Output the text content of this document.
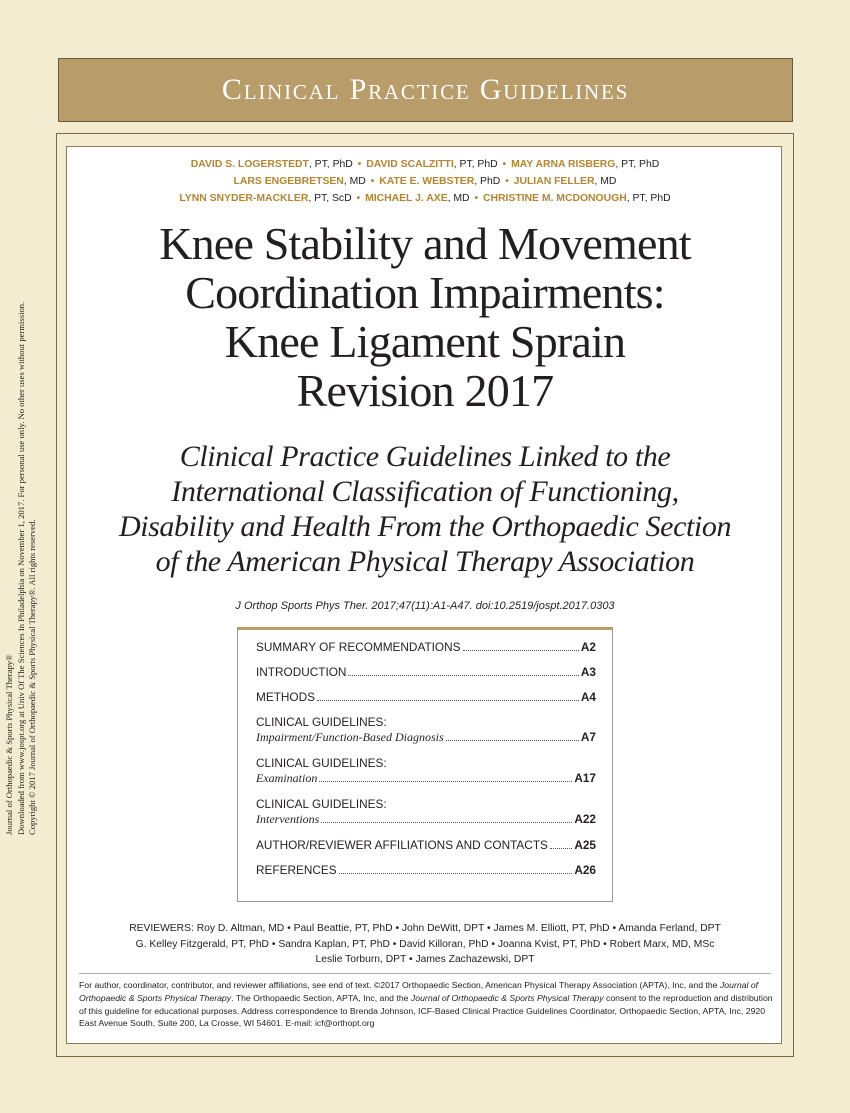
Journal of Orthopaedic & Sports Physical Therapy® Downloaded from www.jospt.org at Univ Of The Sciences In Philadelphia on November 1, 2017. For personal use only. No other uses without permission. Copyright © 2017 Journal of Orthopaedic & Sports Physical Therapy®. All rights reserved.
Clinical Practice Guidelines
DAVID S. LOGERSTEDT, PT, PhD • DAVID SCALZITTI, PT, PhD • MAY ARNA RISBERG, PT, PhD
LARS ENGEBRETSEN, MD • KATE E. WEBSTER, PhD • JULIAN FELLER, MD
LYNN SNYDER-MACKLER, PT, ScD • MICHAEL J. AXE, MD • CHRISTINE M. MCDONOUGH, PT, PhD
Knee Stability and Movement
Coordination Impairments:
Knee Ligament Sprain
Revision 2017
Clinical Practice Guidelines Linked to the
International Classification of Functioning,
Disability and Health From the Orthopaedic Section
of the American Physical Therapy Association
J Orthop Sports Phys Ther. 2017;47(11):A1-A47. doi:10.2519/jospt.2017.0303
SUMMARY OF RECOMMENDATIONS	A2
INTRODUCTION	A3
METHODS	A4
CLINICAL GUIDELINES:
Impairment/Function-Based Diagnosis	A7
CLINICAL GUIDELINES:
Examination	A17
CLINICAL GUIDELINES:
Interventions	A22
AUTHOR/REVIEWER AFFILIATIONS AND CONTACTS A25
REFERENCES	A26
REVIEWERS: Roy D. Altman, MD • Paul Beattie, PT, PhD • John DeWitt, DPT • James M. Elliott, PT, PhD • Amanda Ferland, DPT
G. Kelley Fitzgerald, PT, PhD • Sandra Kaplan, PT, PhD • David Killoran, PhD • Joanna Kvist, PT, PhD • Robert Marx, MD, MSc
Leslie Torburn, DPT • James Zachazewski, DPT
For author, coordinator, contributor, and reviewer affiliations, see end of text. ©2017 Orthopaedic Section, American Physical Therapy Association (APTA), Inc, and the Journal of Orthopaedic & Sports Physical Therapy. The Orthopaedic Section, APTA, Inc, and the Journal of Orthopaedic & Sports Physical Therapy consent to the reproduction and distribution of this guideline for educational purposes. Address correspondence to Brenda Johnson, ICF-Based Clinical Practice Guidelines Coordinator, Orthopaedic Section, APTA, Inc, 2920 East Avenue South, Suite 200, La Crosse, WI 54601. E-mail: icf@orthopt.org
